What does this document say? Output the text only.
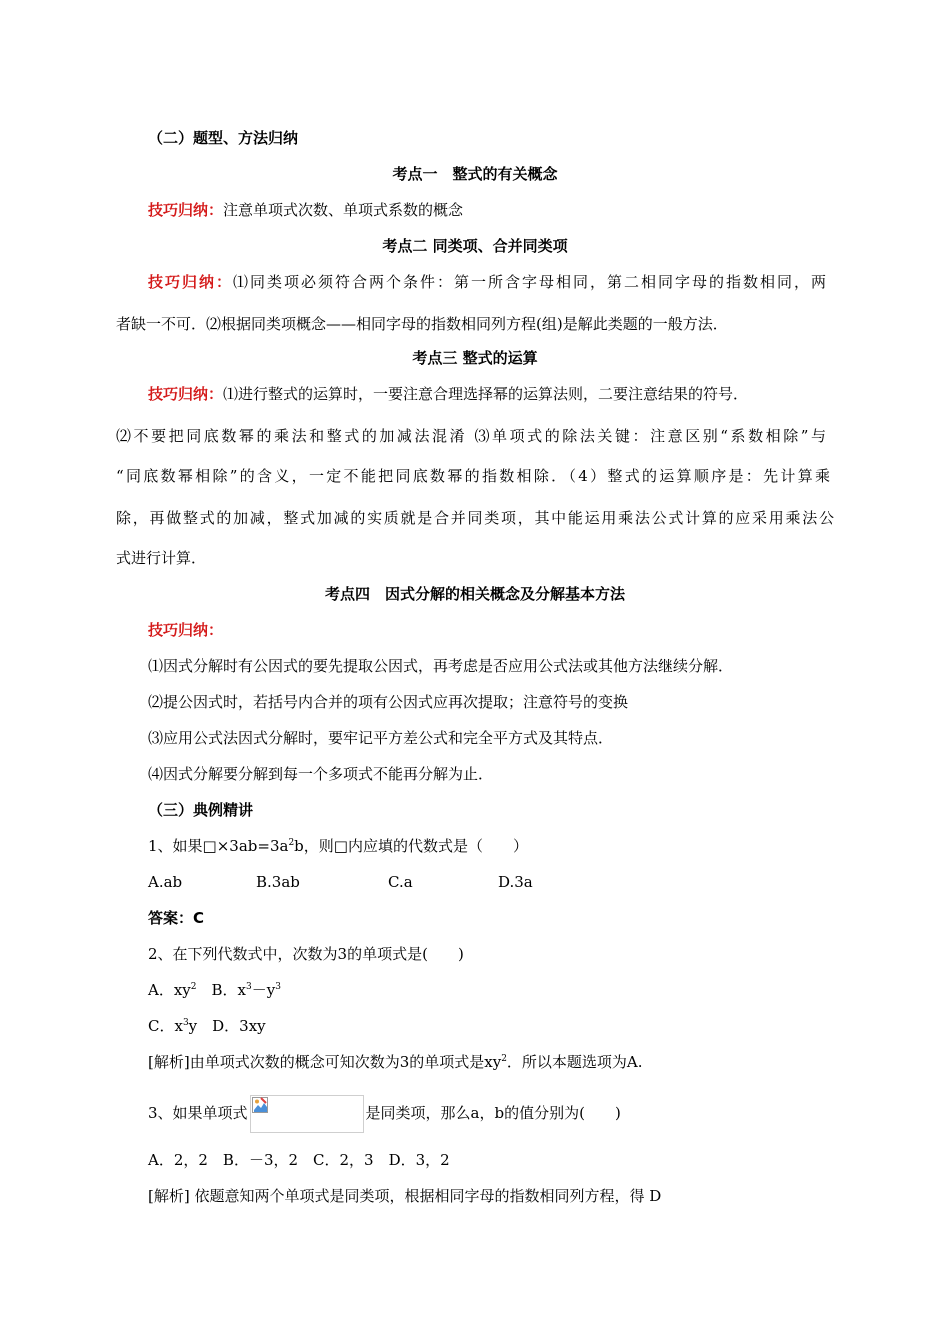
（二）题型、方法归纳
考点一　整式的有关概念
技巧归纳：注意单项式次数、单项式系数的概念
考点二 同类项、合并同类项
技巧归纳：⑴同类项必须符合两个条件：第一所含字母相同，第二相同字母的指数相同，两
者缺一不可．⑵根据同类项概念——相同字母的指数相同列方程(组)是解此类题的一般方法．
考点三 整式的运算
技巧归纳：⑴进行整式的运算时，一要注意合理选择幂的运算法则，二要注意结果的符号．
⑵不要把同底数幂的乘法和整式的加减法混淆 ⑶单项式的除法关键：注意区别“系数相除”与
“同底数幂相除”的含义，一定不能把同底数幂的指数相除．（4）整式的运算顺序是：先计算乘
除，再做整式的加减，整式加减的实质就是合并同类项，其中能运用乘法公式计算的应采用乘法公
式进行计算．
考点四　因式分解的相关概念及分解基本方法
技巧归纳：
⑴因式分解时有公因式的要先提取公因式，再考虑是否应用公式法或其他方法继续分解．
⑵提公因式时，若括号内合并的项有公因式应再次提取；注意符号的变换
⑶应用公式法因式分解时，要牢记平方差公式和完全平方式及其特点．
⑷因式分解要分解到每一个多项式不能再分解为止．
（三）典例精讲
1、如果$□\times 3ab=3a^2b$，则□内应填的代数式是（　　）
A.ab	B.3ab	C.a	D.3a
答案：C
2、在下列代数式中，次数为3的单项式是(　　)
A．$xy^2$　B．$x^3-y^3$
C．$x^3y$　D．3xy
[解析]由单项式次数的概念可知次数为3的单项式是$xy^2$．所以本题选项为A.
3、如果单项式	是同类项，那么a，b的值分别为(　　)
A．2，2　B．－3，2　C．2，3　D．3，2
[解析] 依题意知两个单项式是同类项，根据相同字母的指数相同列方程，得 D
